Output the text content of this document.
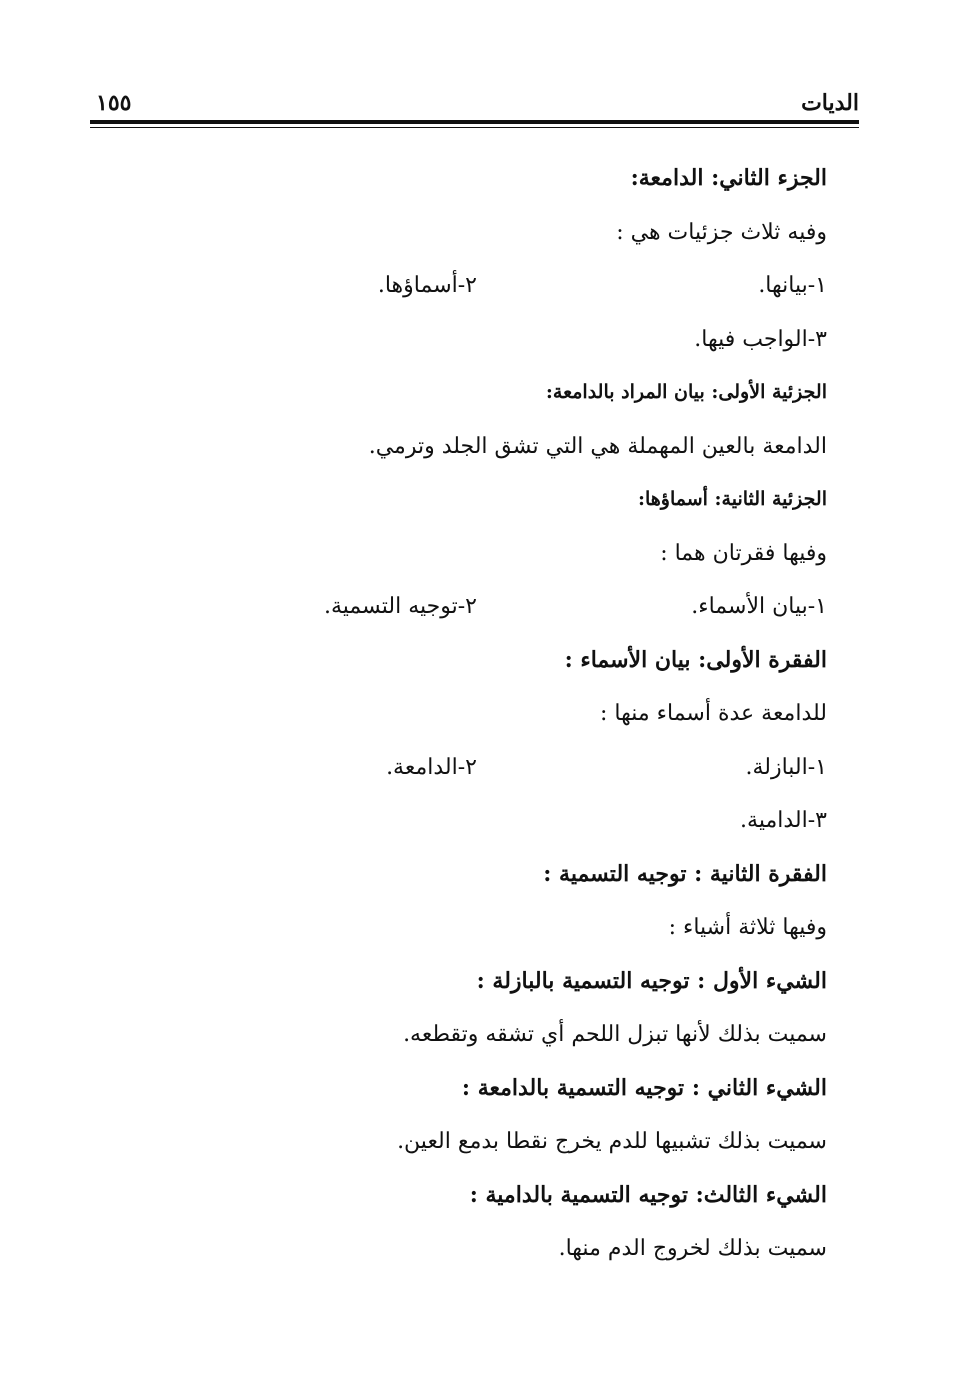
الديات
١٥٥
الجزء الثاني: الدامعة:
وفيه ثلاث جزئيات هي :
١-بيانها.
٢-أسماؤها.
٣-الواجب فيها.
الجزئية الأولى: بيان المراد بالدامعة:
الدامعة بالعين المهملة هي التي تشق الجلد وترمي.
الجزئية الثانية: أسماؤها:
وفيها فقرتان هما :
١-بيان الأسماء.
٢-توجيه التسمية.
الفقرة الأولى: بيان الأسماء :
للدامعة عدة أسماء منها :
١-البازلة.
٢-الدامعة.
٣-الدامية.
الفقرة الثانية : توجيه التسمية :
وفيها ثلاثة أشياء :
الشيء الأول : توجيه التسمية بالبازلة :
سميت بذلك لأنها تبزل اللحم أي تشقه وتقطعه.
الشيء الثاني : توجيه التسمية بالدامعة :
سميت بذلك تشبيها للدم يخرج نقطا بدمع العين.
الشيء الثالث: توجيه التسمية بالدامية :
سميت بذلك لخروج الدم منها.
